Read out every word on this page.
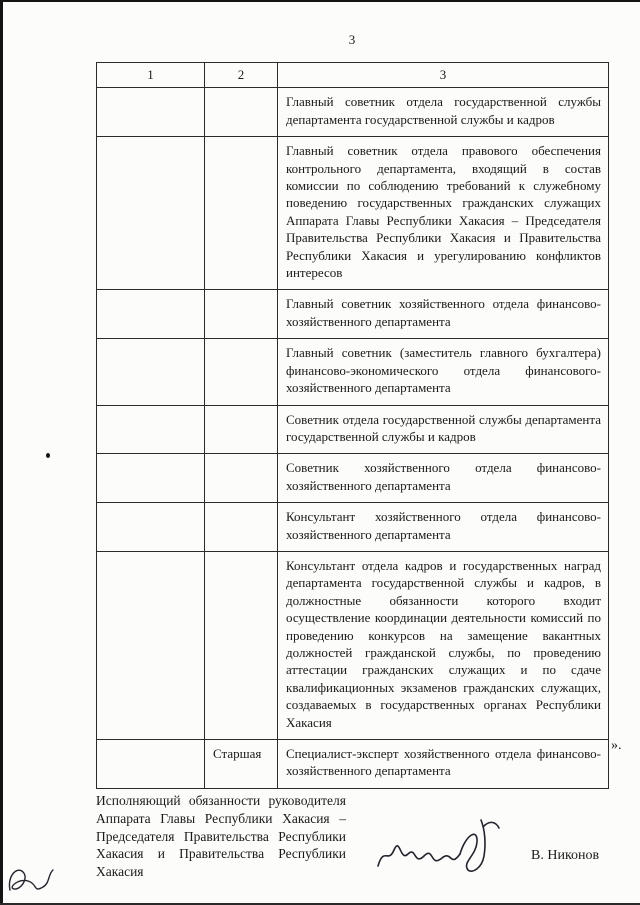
3
1	2	3
		Главный советник отдела государственной службы департамента государственной службы и кадров
		Главный советник отдела правового обеспечения контрольного департамента, входящий в состав комиссии по соблюдению требований к служебному поведению государственных гражданских служащих Аппарата Главы Республики Хакасия – Председателя Правительства Республики Хакасия и Правительства Республики Хакасия и урегулированию конфликтов интересов
		Главный советник хозяйственного отдела финансово-хозяйственного департамента
		Главный советник (заместитель главного бухгалтера) финансово-экономического отдела финансового-хозяйственного департамента
		Советник отдела государственной службы департамента государственной службы и кадров
		Советник хозяйственного отдела финансово-хозяйственного департамента
		Консультант хозяйственного отдела финансово-хозяйственного департамента
		Консультант отдела кадров и государственных наград департамента государственной службы и кадров, в должностные обязанности которого входит осуществление координации деятельности комиссий по проведению конкурсов на замещение вакантных должностей гражданской службы, по проведению аттестации гражданских служащих и по сдаче квалификационных экзаменов гражданских служащих, создаваемых в государственных органах Республики Хакасия
	Старшая	Специалист-эксперт хозяйственного отдела финансово-хозяйственного департамента
».
Исполняющий обязанности руководителя Аппарата Главы Республики Хакасия – Председателя Правительства Республики Хакасия и Правительства Республики Хакасия
В. Никонов
